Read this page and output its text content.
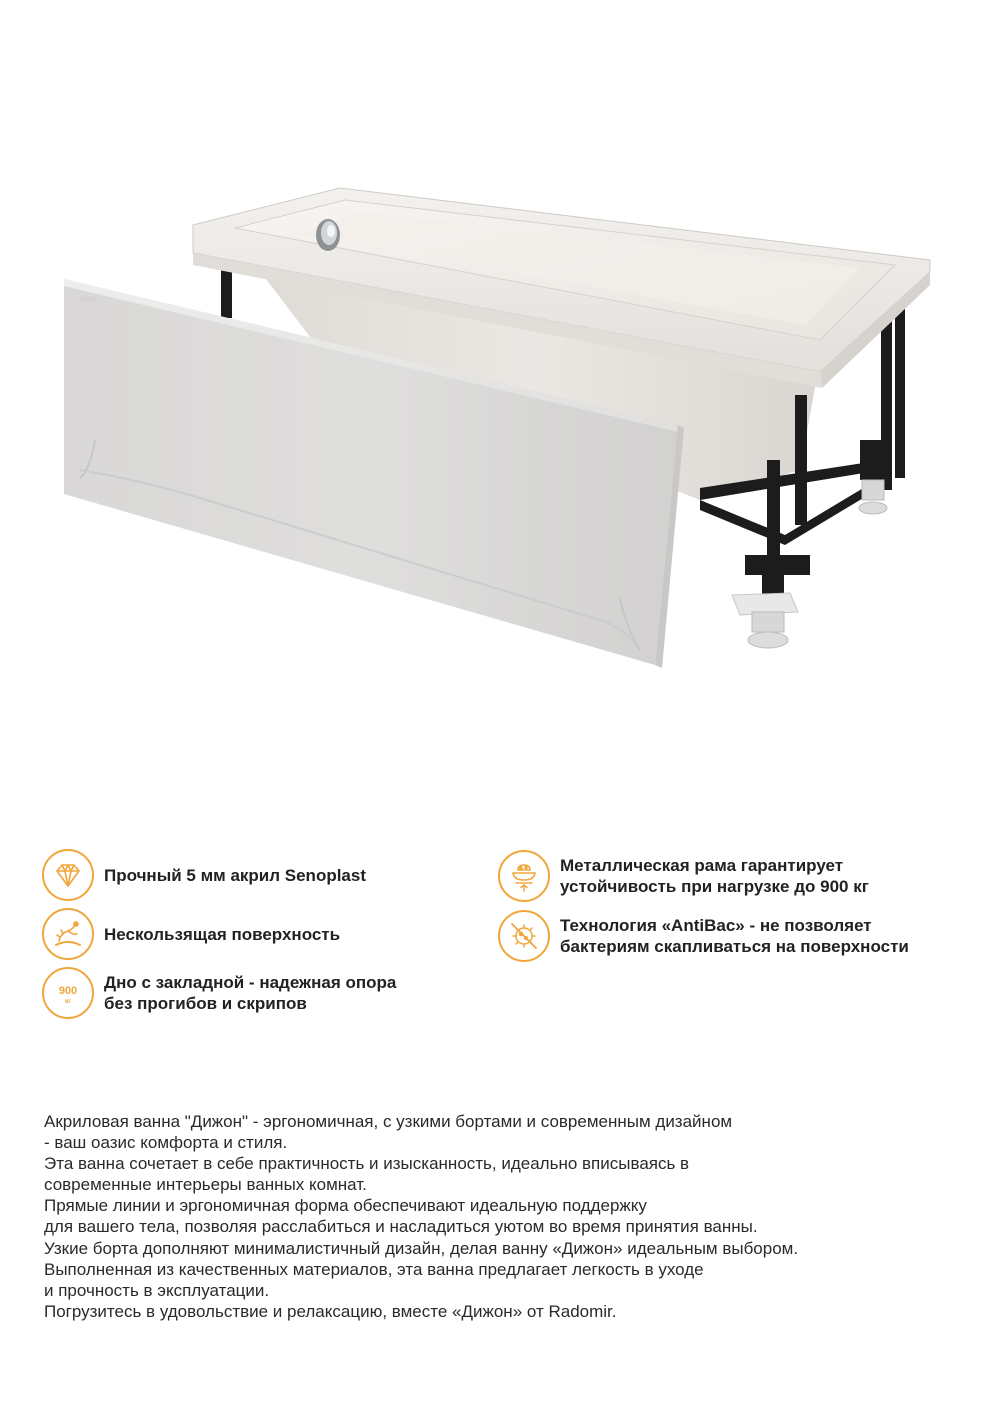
Прочный 5 мм акрил Senoplast
Нескользящая поверхность
900
кг
Дно с закладной - надежная опора
без прогибов и скрипов
Металлическая рама гарантирует
устойчивость при нагрузке до 900 кг
Технология «AntiBac» - не позволяет
бактериям скапливаться на поверхности
Акриловая ванна "Дижон" - эргономичная, с узкими бортами и современным дизайном
- ваш оазис комфорта и стиля.
Эта ванна сочетает в себе практичность и изысканность, идеально вписываясь в
современные интерьеры ванных комнат.
Прямые линии и эргономичная форма обеспечивают идеальную поддержку
для вашего тела, позволяя расслабиться и насладиться уютом во время принятия ванны.
Узкие борта дополняют минималистичный дизайн, делая ванну «Дижон» идеальным выбором.
Выполненная из качественных материалов, эта ванна предлагает легкость в уходе
и прочность в эксплуатации.
Погрузитесь в удовольствие и релаксацию, вместе «Дижон» от Radomir.
